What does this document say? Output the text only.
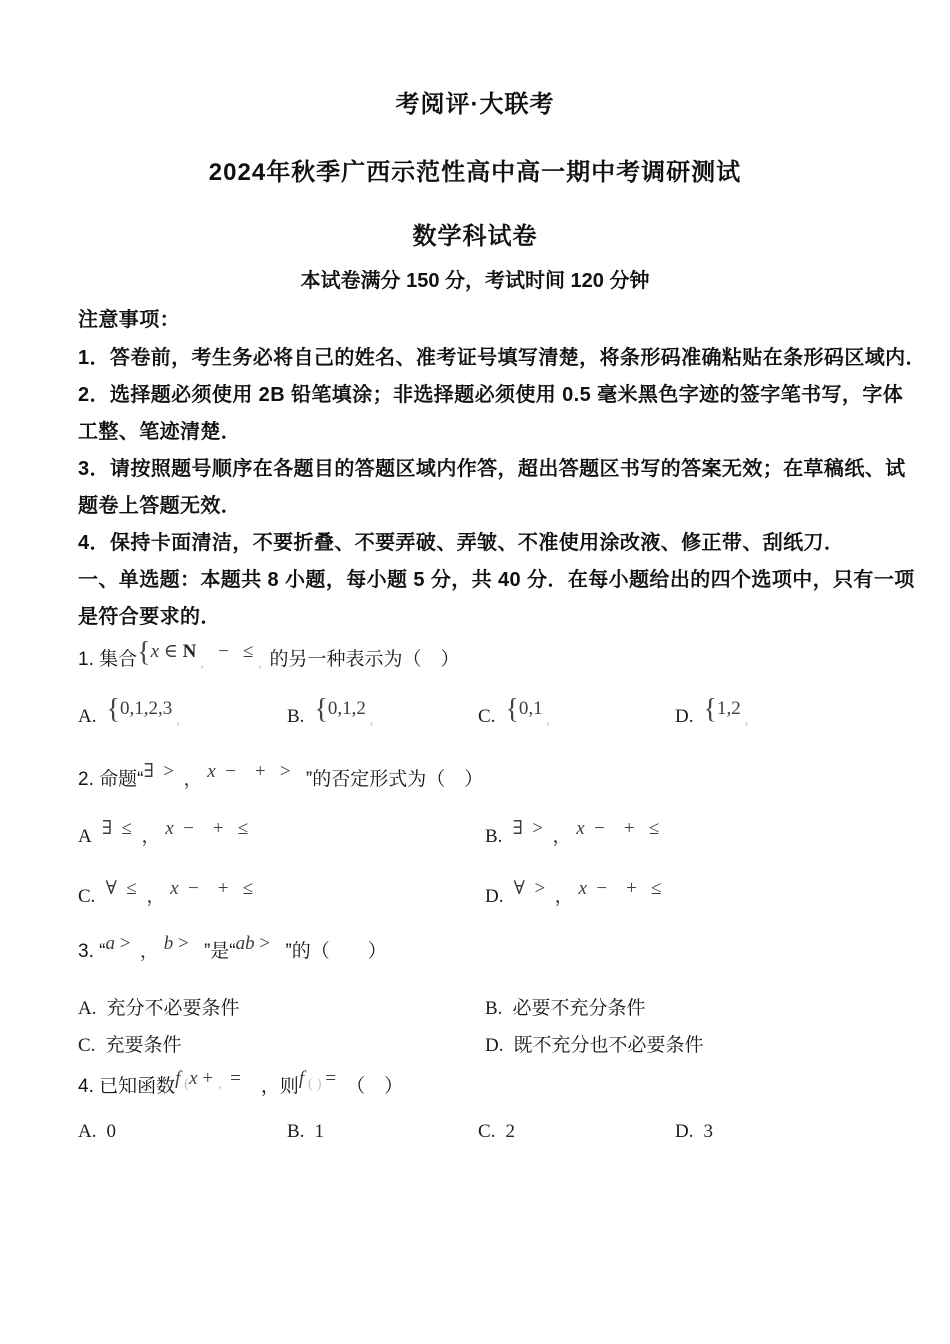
考阅评·大联考
2024年秋季广西示范性高中高一期中考调研测试
数学科试卷
本试卷满分 150 分，考试时间 120 分钟
注意事项：
1．答卷前，考生务必将自己的姓名、准考证号填写清楚，将条形码准确粘贴在条形码区域内．
2．选择题必须使用 2B 铅笔填涂；非选择题必须使用 0.5 毫米黑色字迹的签字笔书写，字体
工整、笔迹清楚．
3．请按照题号顺序在各题目的答题区域内作答，超出答题区书写的答案无效；在草稿纸、试
题卷上答题无效．
4．保持卡面清洁，不要折叠、不要弄破、弄皱、不准使用涂改液、修正带、刮纸刀．
一、单选题：本题共 8 小题，每小题 5 分，共 40 分．在每小题给出的四个选项中，只有一项
是符合要求的．
1. 集合{x ∈ N ,   −   ≤ ,  的另一种表示为（　）
A. {0,1,2,3 ,	B. {0,1,2 ,	C. {0,1 ,	D. {1,2 ,
2. 命题“∃  >  ， x  −    +   >   ”的否定形式为（　）
A ∃  ≤  ， x  −    +   ≤	B. ∃  >  ， x  −    +   ≤
C. ∀  ≤  ， x  −    +   ≤	D. ∀  >  ， x  −    +   ≤
3. “a >  ， b >   ”是“ab >   ”的（　　）
A. 充分不必要条件	B. 必要不充分条件
C. 充要条件	D. 既不充分也不必要条件
4. 已知函数f (x + ,  =    ，则f ( ) =  （　）
A. 0	B. 1	C. 2	D. 3
